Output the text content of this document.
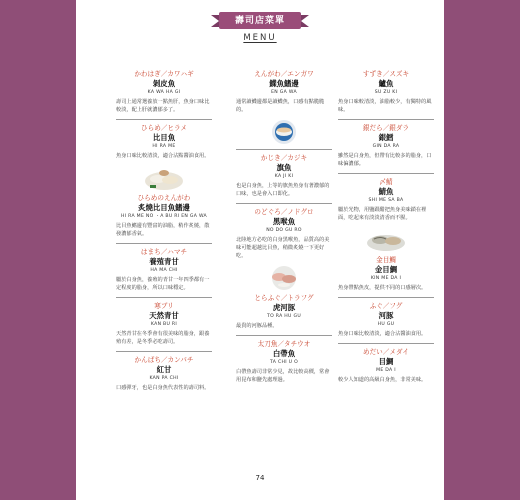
壽司店菜單
MENU
かわはぎ／カワハギ
剝皮魚
KA WA HA GI
壽司上通常選養放一點魚肝，魚身口味比較淡，配上肝就濃郁多了。
ひらめ／ヒラメ
比目魚
HI RA ME
魚身口味比較清淡，適合沾點醬油食用。
ひらめのえんがわ
炙燒比目魚鰭邊
HI RA ME NO ・A BU RI EN GA WA
比目魚鰭邊有豐富的油脂，稍作炙燒，散發濃郁香氣。
はまち／ハマチ
養殖青甘
HA MA CHI
屬於白身魚，養殖的青甘一年四季都有一定程度的脂身，所以口味穩定。
寒ブリ
天然青甘
KAN BU RI
天然青甘在冬季會有很美味的脂身，跟養殖有差，是冬季必吃壽司。
かんぱち／カンパチ
紅甘
KAN PA CHI
口感彈牙，也是白身魚代表性的壽司料。
えんがわ／エンガワ
鰈魚鰭邊
EN GA WA
通常讀鰈邊都是讀鰈魚，口感有點脆脆的。
かじき／カジキ
旗魚
KA JI KI
也是白身魚，上等的旗魚魚身有著濃郁的口味，也是會入口即化。
のどぐろ／ノドグロ
黑喉魚
NO DO GU RO
北陸地方必吃的白身黑喉魚，品質高的美味可能超越比目魚，稍微炙燒一下更好吃。
とらふぐ／トラフグ
虎河豚
TO RA HU GU
最貴的河豚品種。
太刀魚／タチウオ
白帶魚
TA CHI U O
白帶魚壽司非常少見，故比較高價，常會用昆布和鹽先處理過。
すずき／スズキ
鱸魚
SU ZU KI
魚身口味較清淡，油脂較少，有獨特的風味。
銀だら／銀ダラ
銀鱈
GIN DA RA
雖然是白身魚，但帶有比較多的脂身，口味偏濃郁。
〆鯖
鯖魚
SHI ME SA BA
屬於光物，用鹽跟醋把魚身美味鎖在裡面，吃起來有淡淡清香而不腥。
金目鯛
金目鯛
KIN ME DA I
魚身帶點魚皮，提供不同的口感層次。
ふぐ／フグ
河豚
HU GU
魚身口味比較清淡，適合沾醬油食用。
めだい／メダイ
目鯛
ME DA I
較少人知道的高級白身魚，非常美味。
74
